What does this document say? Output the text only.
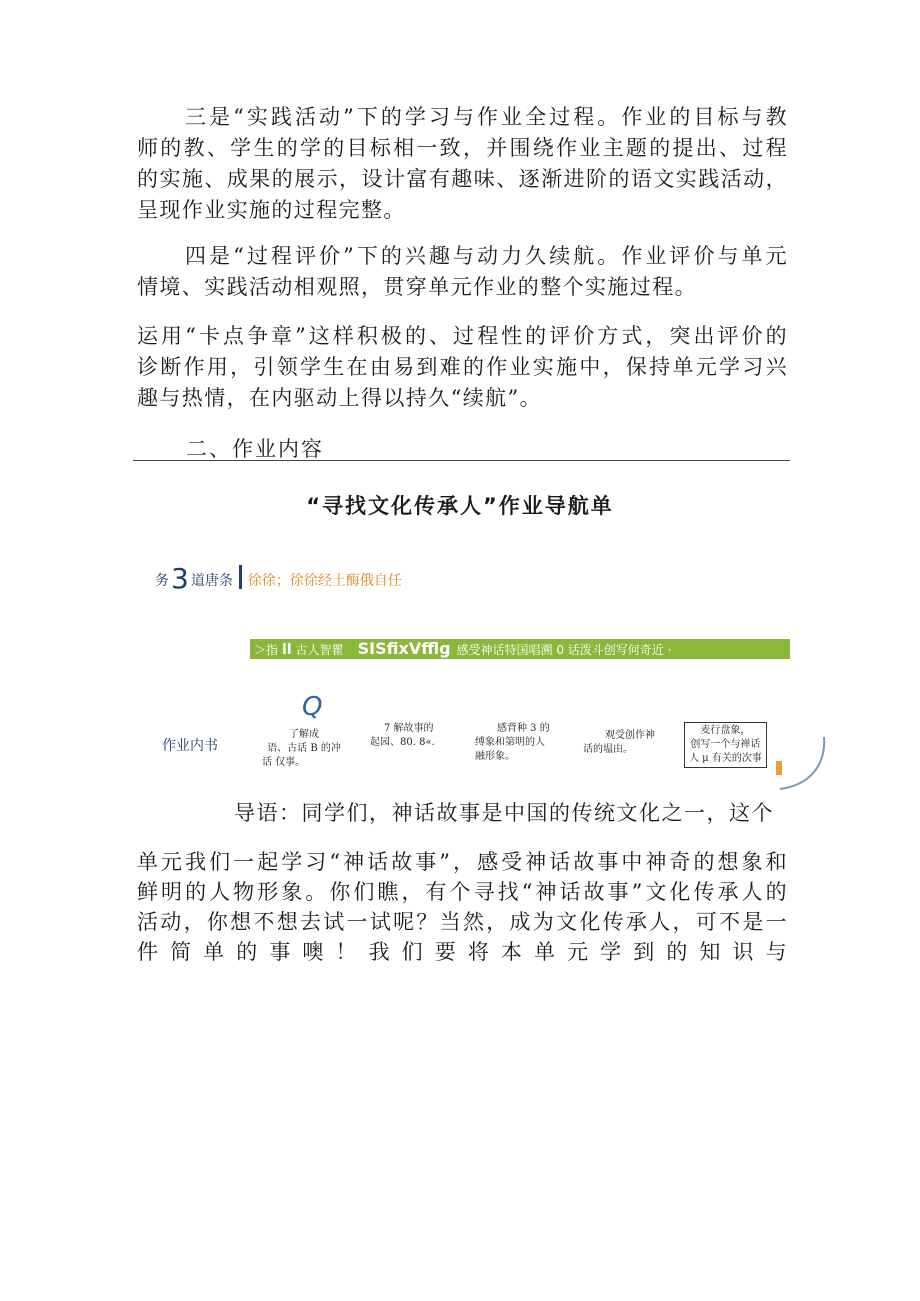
三是“实践活动”下的学习与作业全过程。作业的目标与教
师的教、学生的学的目标相一致，并围绕作业主题的提出、过程
的实施、成果的展示，设计富有趣味、逐渐进阶的语文实践活动，
呈现作业实施的过程完整。
四是“过程评价”下的兴趣与动力久续航。作业评价与单元
情境、实践活动相观照，贯穿单元作业的整个实施过程。
运用“卡点争章”这样积极的、过程性的评价方式，突出评价的
诊断作用，引领学生在由易到难的作业实施中，保持单元学习兴
趣与热情，在内驱动上得以持久“续航”。
二、作业内容
“寻找文化传承人”作业导航单
务3 道唐条 徐徐；徐徐经土酶俄自任
＞指 ll 古人智瞿 SISfixVfflg 感受神话特国唱溯 0 话泼斗创写何奇近 ·
Q
作业内书
了解成
语、古话 B 的冲
话 仅事。
7 解故事的
起园、80. 8«.
感背种 3 的
缚象和第明的人
融形象。
观受创作神
话的塭由。
麦行盘象，
创写一个与禅话
人 μ 有关的次事
导语：同学们，神话故事是中国的传统文化之一，这个
单元我们一起学习“神话故事”，感受神话故事中神奇的想象和
鲜明的人物形象。你们瞧，有个寻找“神话故事”文化传承人的
活动，你想不想去试一试呢？当然，成为文化传承人，可不是一
件简单的事噢！我们要将本单元学到的知识与
